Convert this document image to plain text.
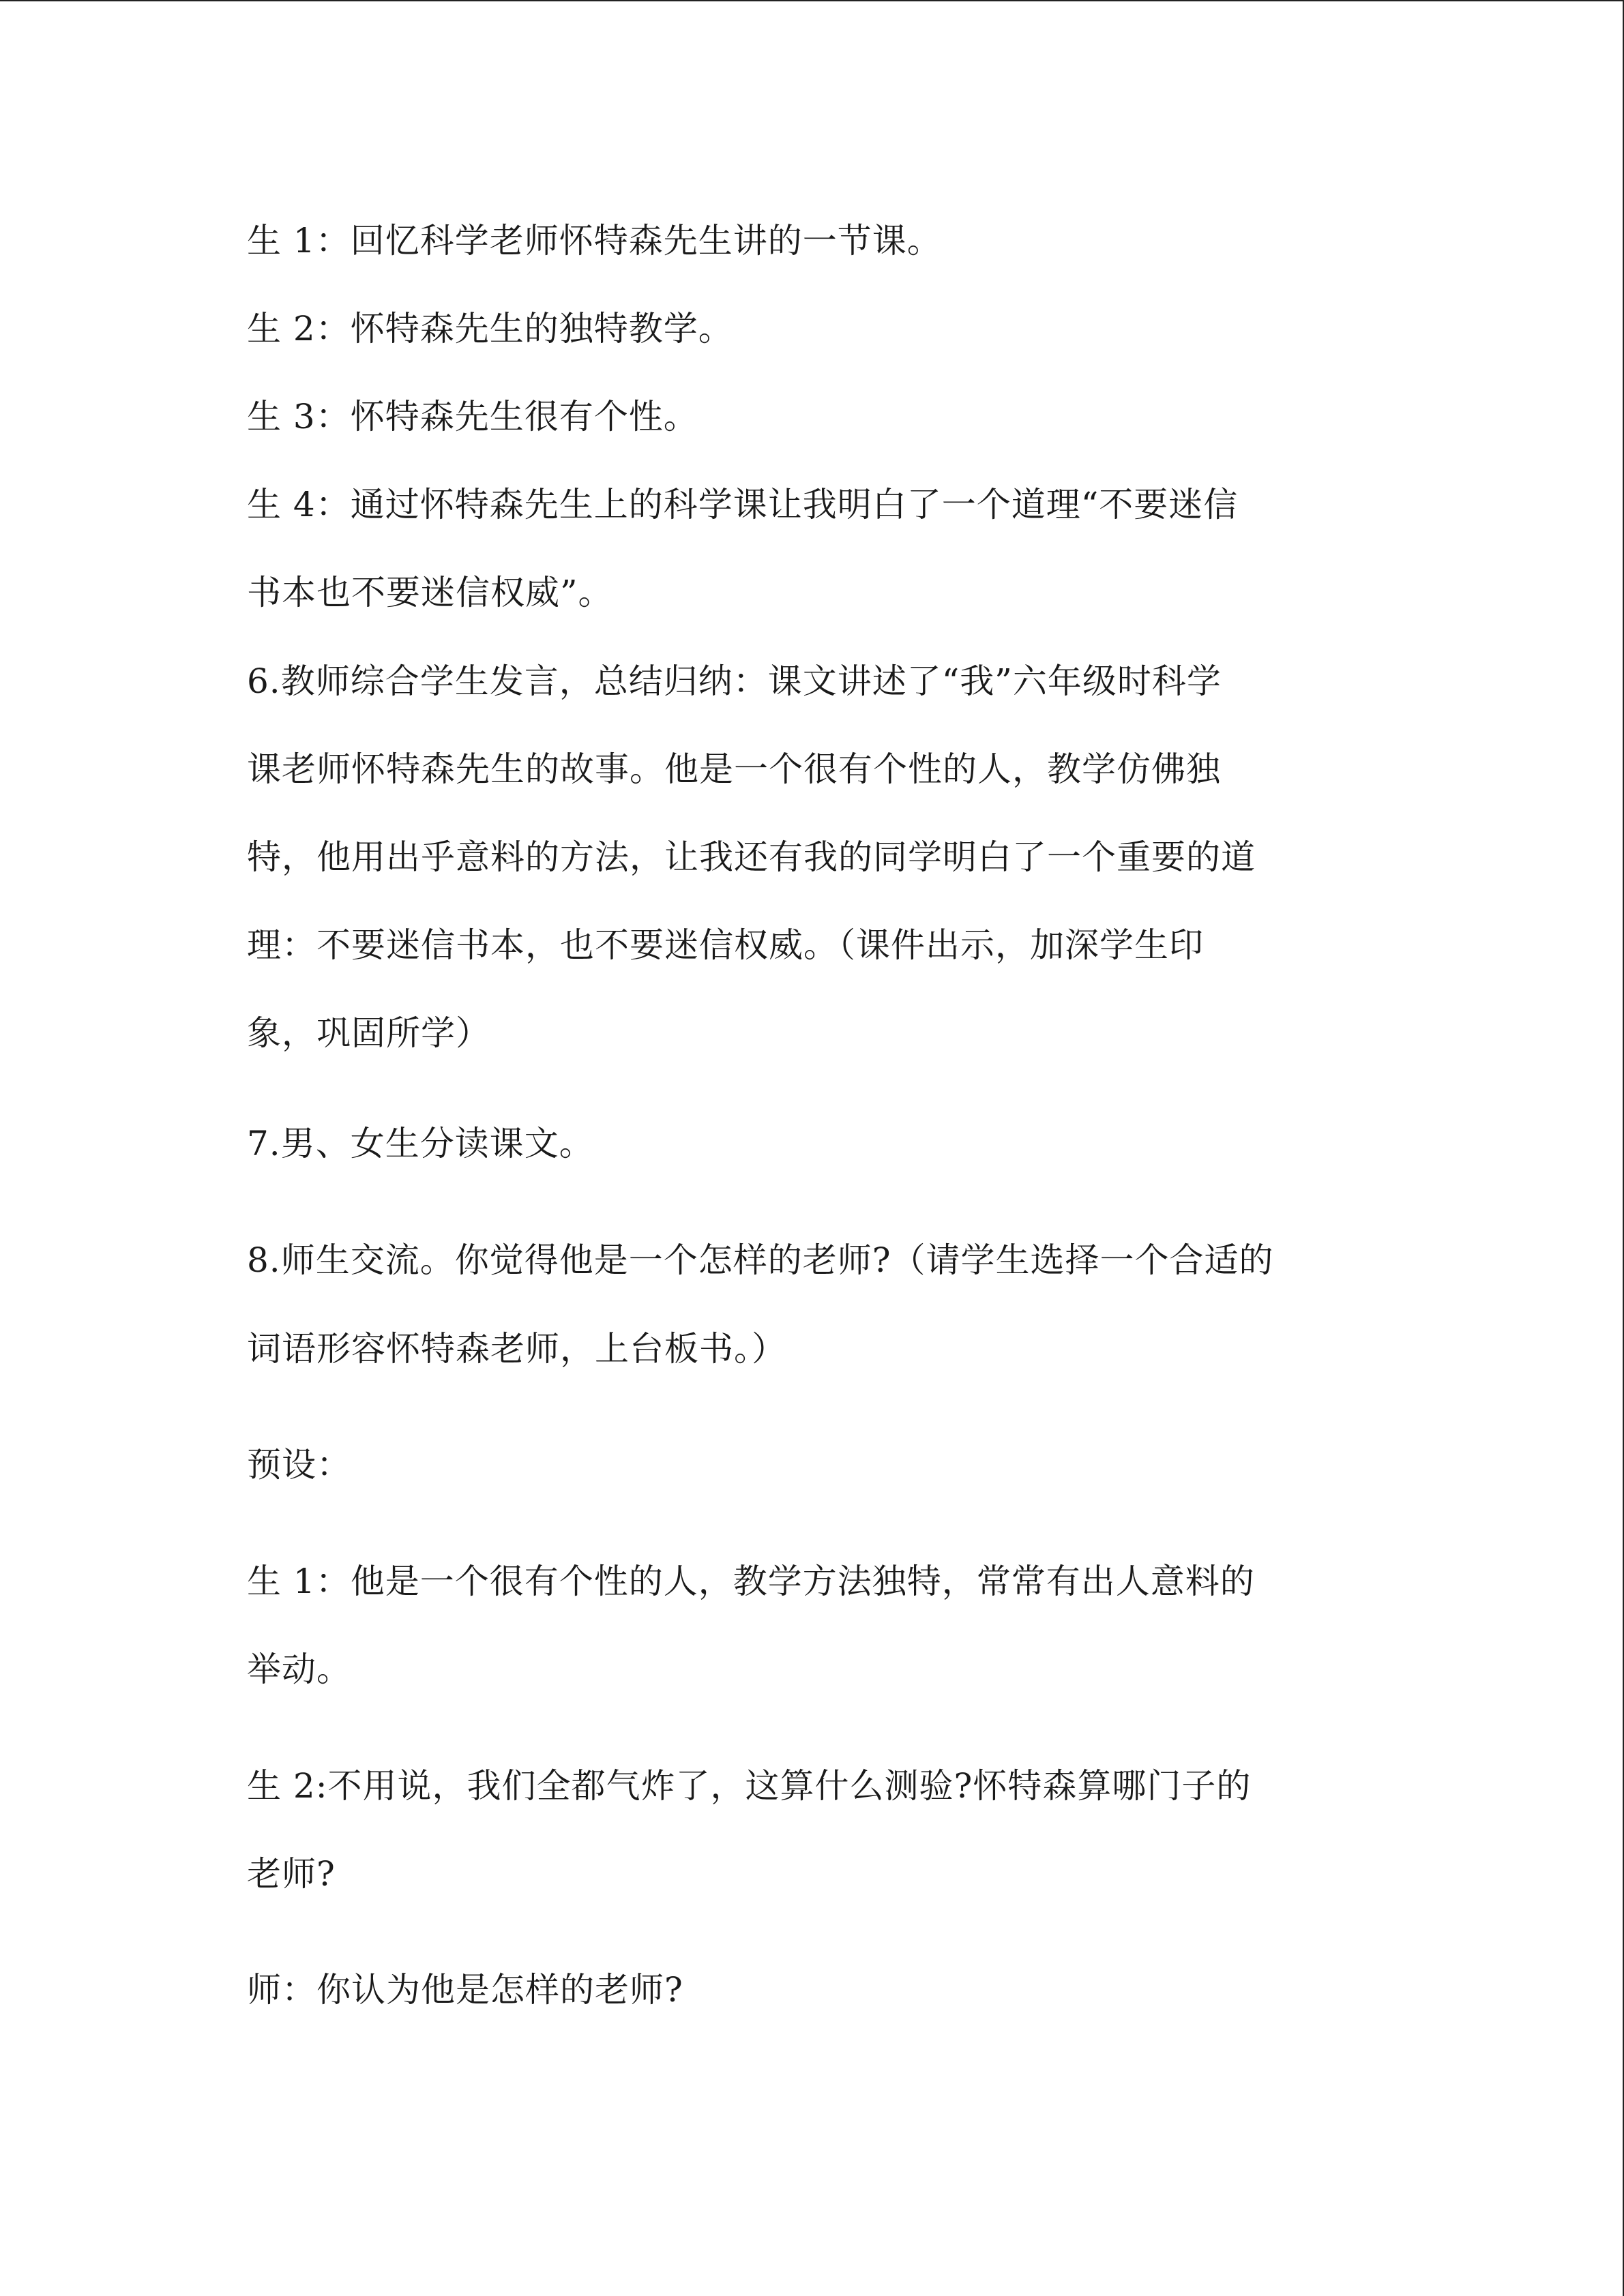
生 1：回忆科学老师怀特森先生讲的一节课。

生 2：怀特森先生的独特教学。

生 3：怀特森先生很有个性。

生 4：通过怀特森先生上的科学课让我明白了一个道理“不要迷信

书本也不要迷信权威”。

6.教师综合学生发言，总结归纳：课文讲述了“我”六年级时科学

课老师怀特森先生的故事。他是一个很有个性的人，教学仿佛独

特，他用出乎意料的方法，让我还有我的同学明白了一个重要的道

理：不要迷信书本，也不要迷信权威。（课件出示，加深学生印

象，巩固所学）

7.男、女生分读课文。

8.师生交流。你觉得他是一个怎样的老师?（请学生选择一个合适的

词语形容怀特森老师，上台板书。）

预设：

生 1：他是一个很有个性的人，教学方法独特，常常有出人意料的

举动。

生 2:不用说，我们全都气炸了，这算什么测验?怀特森算哪门子的

老师?

师：你认为他是怎样的老师?
